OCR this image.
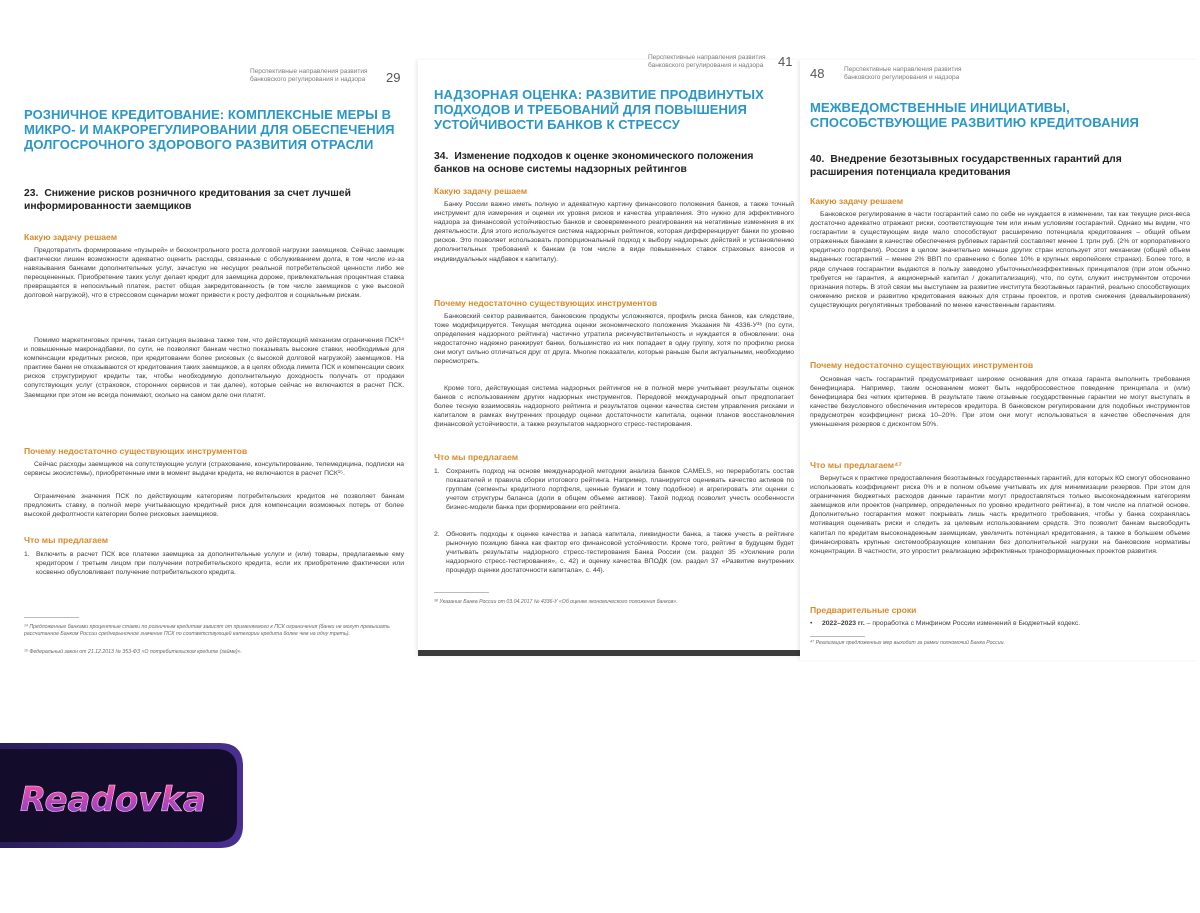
Перспективные направления развития банковского регулирования и надзора	29
РОЗНИЧНОЕ КРЕДИТОВАНИЕ: КОМПЛЕКСНЫЕ МЕРЫ В МИКРО- И МАКРОРЕГУЛИРОВАНИИ ДЛЯ ОБЕСПЕЧЕНИЯ ДОЛГОСРОЧНОГО ЗДОРОВОГО РАЗВИТИЯ ОТРАСЛИ
23. Снижение рисков розничного кредитования за счет лучшей информированности заемщиков
Какую задачу решаем

Предотвратить формирование «пузырей» и бесконтрольного роста долговой нагрузки заемщиков. Сейчас заемщик фактически лишен возможности адекватно оценить расходы, связанные с обслуживанием долга, в том числе из-за навязывания банками дополнительных услуг, зачастую не несущих реальной потребительской ценности либо же переоцененных. Приобретение таких услуг делает кредит для заемщика дороже, привлекательная процентная ставка превращается в непосильный платеж, растет общая закредитованность (в том числе заемщиков с уже высокой долговой нагрузкой), что в стрессовом сценарии может привести к росту дефолтов и социальным рискам.

Помимо маркетинговых причин, такая ситуация вызвана также тем, что действующий механизм ограничения ПСК¹⁴ и повышенные макронадбавки, по сути, не позволяют банкам честно показывать высокие ставки, необходимые для компенсации кредитных рисков, при кредитовании более рисковых (с высокой долговой нагрузкой) заемщиков. На практике банки не отказываются от кредитования таких заемщиков, а в целях обхода лимита ПСК и компенсации своих рисков структурируют кредиты так, чтобы необходимую дополнительную доходность получать от продажи сопутствующих услуг (страховок, сторонних сервисов и так далее), которые сейчас не включаются в расчет ПСК. Заемщики при этом не всегда понимают, сколько на самом деле они платят.

Почему недостаточно существующих инструментов

Сейчас расходы заемщиков на сопутствующие услуги (страхование, консультирование, телемедицина, подписки на сервисы экосистемы), приобретенные ими в момент выдачи кредита, не включаются в расчет ПСК¹⁵.

Ограничение значения ПСК по действующим категориям потребительских кредитов не позволяет банкам предложить ставку, в полной мере учитывающую кредитный риск для компенсации возможных потерь от более высокой дефолтности категории более рисковых заемщиков.

Что мы предлагаем

1. Включить в расчет ПСК все платежи заемщика за дополнительные услуги и (или) товары, предлагаемые ему кредитором / третьим лицом при получении потребительского кредита, если их приобретение фактически или косвенно обусловливает получение потребительского кредита.

¹⁴ Предложенные банками процентные ставки по розничным кредитам зависят от применяемого к ПСК ограничения (банки не могут превышать рассчитанное Банком России среднерыночное значение ПСК по соответствующей категории кредита более чем на одну треть).

¹⁵ Федеральный закон от 21.12.2013 № 353-ФЗ «О потребительском кредите (займе)».

Перспективные направления развития банковского регулирования и надзора	41
НАДЗОРНАЯ ОЦЕНКА: РАЗВИТИЕ ПРОДВИНУТЫХ ПОДХОДОВ И ТРЕБОВАНИЙ ДЛЯ ПОВЫШЕНИЯ УСТОЙЧИВОСТИ БАНКОВ К СТРЕССУ
34. Изменение подходов к оценке экономического положения банков на основе системы надзорных рейтингов
Какую задачу решаем

Банку России важно иметь полную и адекватную картину финансового положения банков, а также точный инструмент для измерения и оценки их уровня рисков и качества управления. Это нужно для эффективного надзора за финансовой устойчивостью банков и своевременного реагирования на негативные изменения в их деятельности. Для этого используется система надзорных рейтингов, которая дифференцирует банки по уровню рисков. Это позволяет использовать пропорциональный подход к выбору надзорных действий и установлению дополнительных требований к банкам (в том числе в виде повышенных ставок страховых взносов и индивидуальных надбавок к капиталу).

Почему недостаточно существующих инструментов

Банковский сектор развивается, банковские продукты усложняются, профиль риска банков, как следствие, тоже модифицируется. Текущая методика оценки экономического положения Указания № 4336-У³⁸ (по сути, определения надзорного рейтинга) частично утратила рискчувствительность и нуждается в обновлении: она недостаточно надежно ранжирует банки, большинство из них попадает в одну группу, хотя по профилю риска они могут сильно отличаться друг от друга. Многие показатели, которые раньше были актуальными, необходимо пересмотреть.

Кроме того, действующая система надзорных рейтингов не в полной мере учитывает результаты оценок банков с использованием других надзорных инструментов. Передовой международный опыт предполагает более тесную взаимосвязь надзорного рейтинга и результатов оценки качества систем управления рисками и капиталом в рамках внутренних процедур оценки достаточности капитала, оценки планов восстановления финансовой устойчивости, а также результатов надзорного стресс-тестирования.

Что мы предлагаем

1. Сохранить подход на основе международной методики анализа банков CAMELS, но переработать состав показателей и правила сборки итогового рейтинга. Например, планируется оценивать качество активов по группам (сегменты кредитного портфеля, ценные бумаги и тому подобное) и агрегировать эти оценки с учетом структуры баланса (доли в общем объеме активов). Такой подход позволит учесть особенности бизнес-модели банка при формировании его рейтинга.

2. Обновить подходы к оценке качества и запаса капитала, ликвидности банка, а также учесть в рейтинге рыночную позицию банка как фактор его финансовой устойчивости. Кроме того, рейтинг в будущем будет учитывать результаты надзорного стресс-тестирования Банка России (см. раздел 35 «Усиление роли надзорного стресс-тестирования», с. 42) и оценку качества ВПОДК (см. раздел 37 «Развитие внутренних процедур оценки достаточности капитала», с. 44).

³⁸ Указание Банка России от 03.04.2017 № 4336-У «Об оценке экономического положения банков».

48	Перспективные направления развития банковского регулирования и надзора
МЕЖВЕДОМСТВЕННЫЕ ИНИЦИАТИВЫ, СПОСОБСТВУЮЩИЕ РАЗВИТИЮ КРЕДИТОВАНИЯ
40. Внедрение безотзывных государственных гарантий для расширения потенциала кредитования
Какую задачу решаем

Банковское регулирование в части госгарантий само по себе не нуждается в изменении, так как текущие риск-веса достаточно адекватно отражают риски, соответствующие тем или иным условиям госгарантий. Однако мы видим, что госгарантии в существующем виде мало способствуют расширению потенциала кредитования – общий объем отраженных банками в качестве обеспечения рублевых гарантий составляет менее 1 трлн руб. (2% от корпоративного кредитного портфеля). Россия в целом значительно меньше других стран использует этот механизм (общий объем выданных госгарантий – менее 2% ВВП по сравнению с более 10% в крупных европейских странах). Более того, в ряде случаев госгарантии выдаются в пользу заведомо убыточных/неэффективных принципалов (при этом обычно требуется не гарантия, а акционерный капитал / докапитализация), что, по сути, служит инструментом отсрочки признания потерь. В этой связи мы выступаем за развитие института безотзывных гарантий, реально способствующих снижению рисков и развитию кредитования важных для страны проектов, и против снижения (девальвирования) существующих регулятивных требований по менее качественным гарантиям.

Почему недостаточно существующих инструментов

Основная часть госгарантий предусматривает широкие основания для отказа гаранта выполнить требования бенефициара. Например, таким основанием может быть недобросовестное поведение принципала и (или) бенефициара без четких критериев. В результате такие отзывные государственные гарантии не могут выступать в качестве безусловного обеспечения интересов кредитора. В банковском регулировании для подобных инструментов предусмотрен коэффициент риска 10–20%. При этом они могут использоваться в качестве обеспечения для уменьшения резервов с дисконтом 50%.

Что мы предлагаем⁴⁷

Вернуться к практике предоставления безотзывных государственных гарантий, для которых КО смогут обоснованно использовать коэффициент риска 0% и в полном объеме учитывать их для минимизации резервов. При этом для ограничения бюджетных расходов данные гарантии могут предоставляться только высоконадежным категориям заемщиков или проектов (например, определенных по уровню кредитного рейтинга), в том числе на платной основе. Дополнительно госгарантия может покрывать лишь часть кредитного требования, чтобы у банка сохранялась мотивация оценивать риски и следить за целевым использованием средств. Это позволит банкам высвободить капитал по кредитам высоконадежным заемщикам, увеличить потенциал кредитования, а также в большем объеме финансировать крупные системообразующие компании без дополнительной нагрузки на банковские нормативы концентрации. В частности, это упростит реализацию эффективных трансформационных проектов развития.

Предварительные сроки

• 2022–2023 гг. – проработка с Минфином России изменений в Бюджетный кодекс.

⁴⁷ Реализация предложенных мер выходит за рамки полномочий Банка России.

Readovka
